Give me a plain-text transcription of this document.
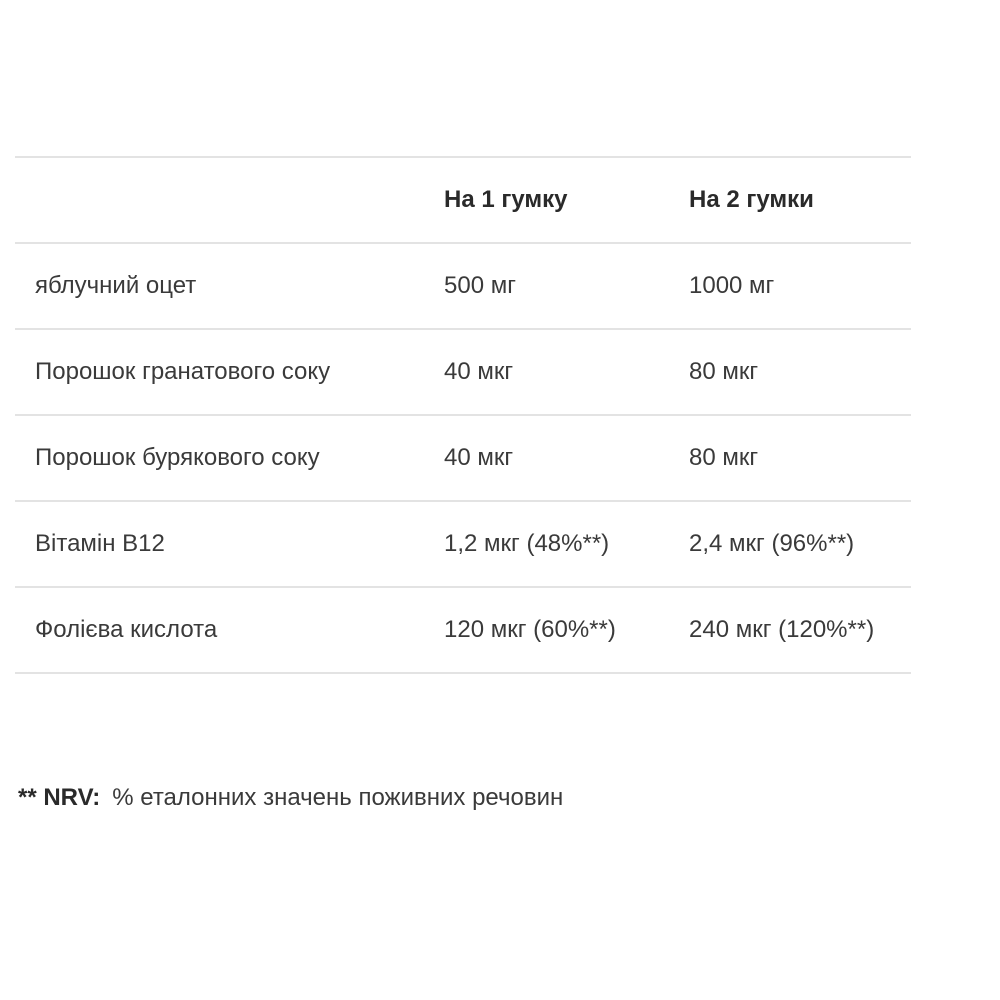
	На 1 гумку	На 2 гумки
яблучний оцет	500 мг	1000 мг
Порошок гранатового соку	40 мкг	80 мкг
Порошок бурякового соку	40 мкг	80 мкг
Вітамін B12	1,2 мкг (48%**)	2,4 мкг (96%**)
Фолієва кислота	120 мкг (60%**)	240 мкг (120%**)
** NRV: % еталонних значень поживних речовин
